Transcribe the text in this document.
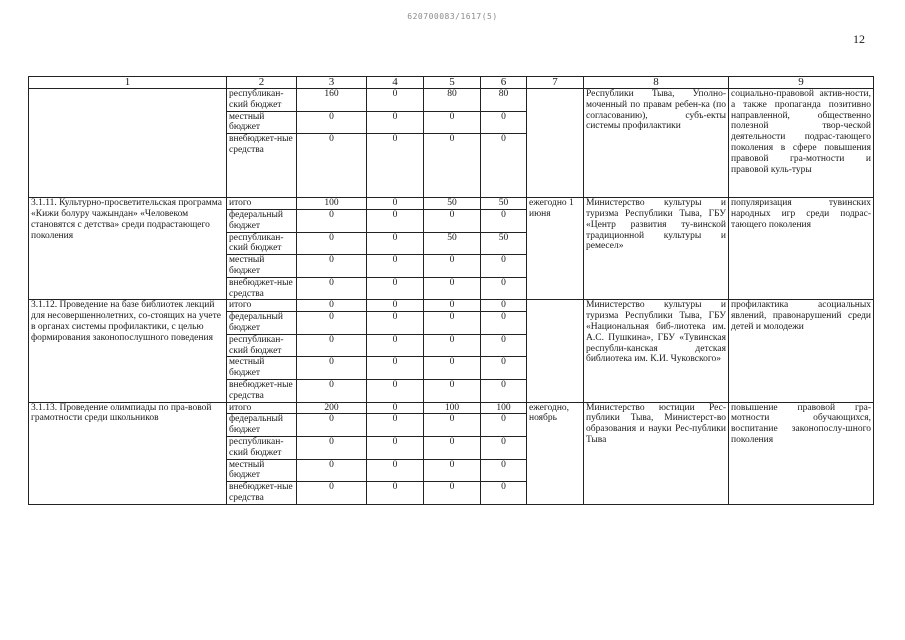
620700083/1617(5)
12
1	2	3	4	5	6	7	8	9
	республикан-ский бюджет	160	0	80	80		Республики Тыва, Уполно-моченный по правам ребен-ка (по согласованию), субъ-екты системы профилактики	социально-правовой актив-ности, а также пропаганда позитивно направленной, общественно полезной твор-ческой деятельности подрас-тающего поколения в сфере повышения правовой гра-мотности и правовой куль-туры
	местный бюджет	0	0	0	0			
	внебюджет-ные средства	0	0	0	0			
3.1.11. Культурно-просветительская программа «Кижи болуру чажындан» «Человеком становятся с детства» среди подрастающего поколения	итого	100	0	50	50	ежегодно 1 июня	Министерство культуры и туризма Республики Тыва, ГБУ «Центр развития ту-винской традиционной культуры и ремесел»	популяризация тувинских народных игр среди подрас-тающего поколения
	федеральный бюджет	0	0	0	0			
	республикан-ский бюджет	0	0	50	50			
	местный бюджет	0	0	0	0			
	внебюджет-ные средства	0	0	0	0			
3.1.12. Проведение на базе библиотек лекций для несовершеннолетних, со-стоящих на учете в органах системы профилактики, с целью формирования законопослушного поведения	итого	0	0	0	0		Министерство культуры и туризма Республики Тыва, ГБУ «Национальная биб-лиотека им. А.С. Пушкина», ГБУ «Тувинская республи-канская детская библиотека им. К.И. Чуковского»	профилактика асоциальных явлений, правонарушений среди детей и молодежи
	федеральный бюджет	0	0	0	0			
	республикан-ский бюджет	0	0	0	0			
	местный бюджет	0	0	0	0			
	внебюджет-ные средства	0	0	0	0			
3.1.13. Проведение олимпиады по пра-вовой грамотности среди школьников	итого	200	0	100	100	ежегодно, ноябрь	Министерство юстиции Рес-публики Тыва, Министерст-во образования и науки Рес-публики Тыва	повышение правовой гра-мотности обучающихся, воспитание законопослу-шного поколения
	федеральный бюджет	0	0	0	0			
	республикан-ский бюджет	0	0	0	0			
	местный бюджет	0	0	0	0			
	внебюджет-ные средства	0	0	0	0			
